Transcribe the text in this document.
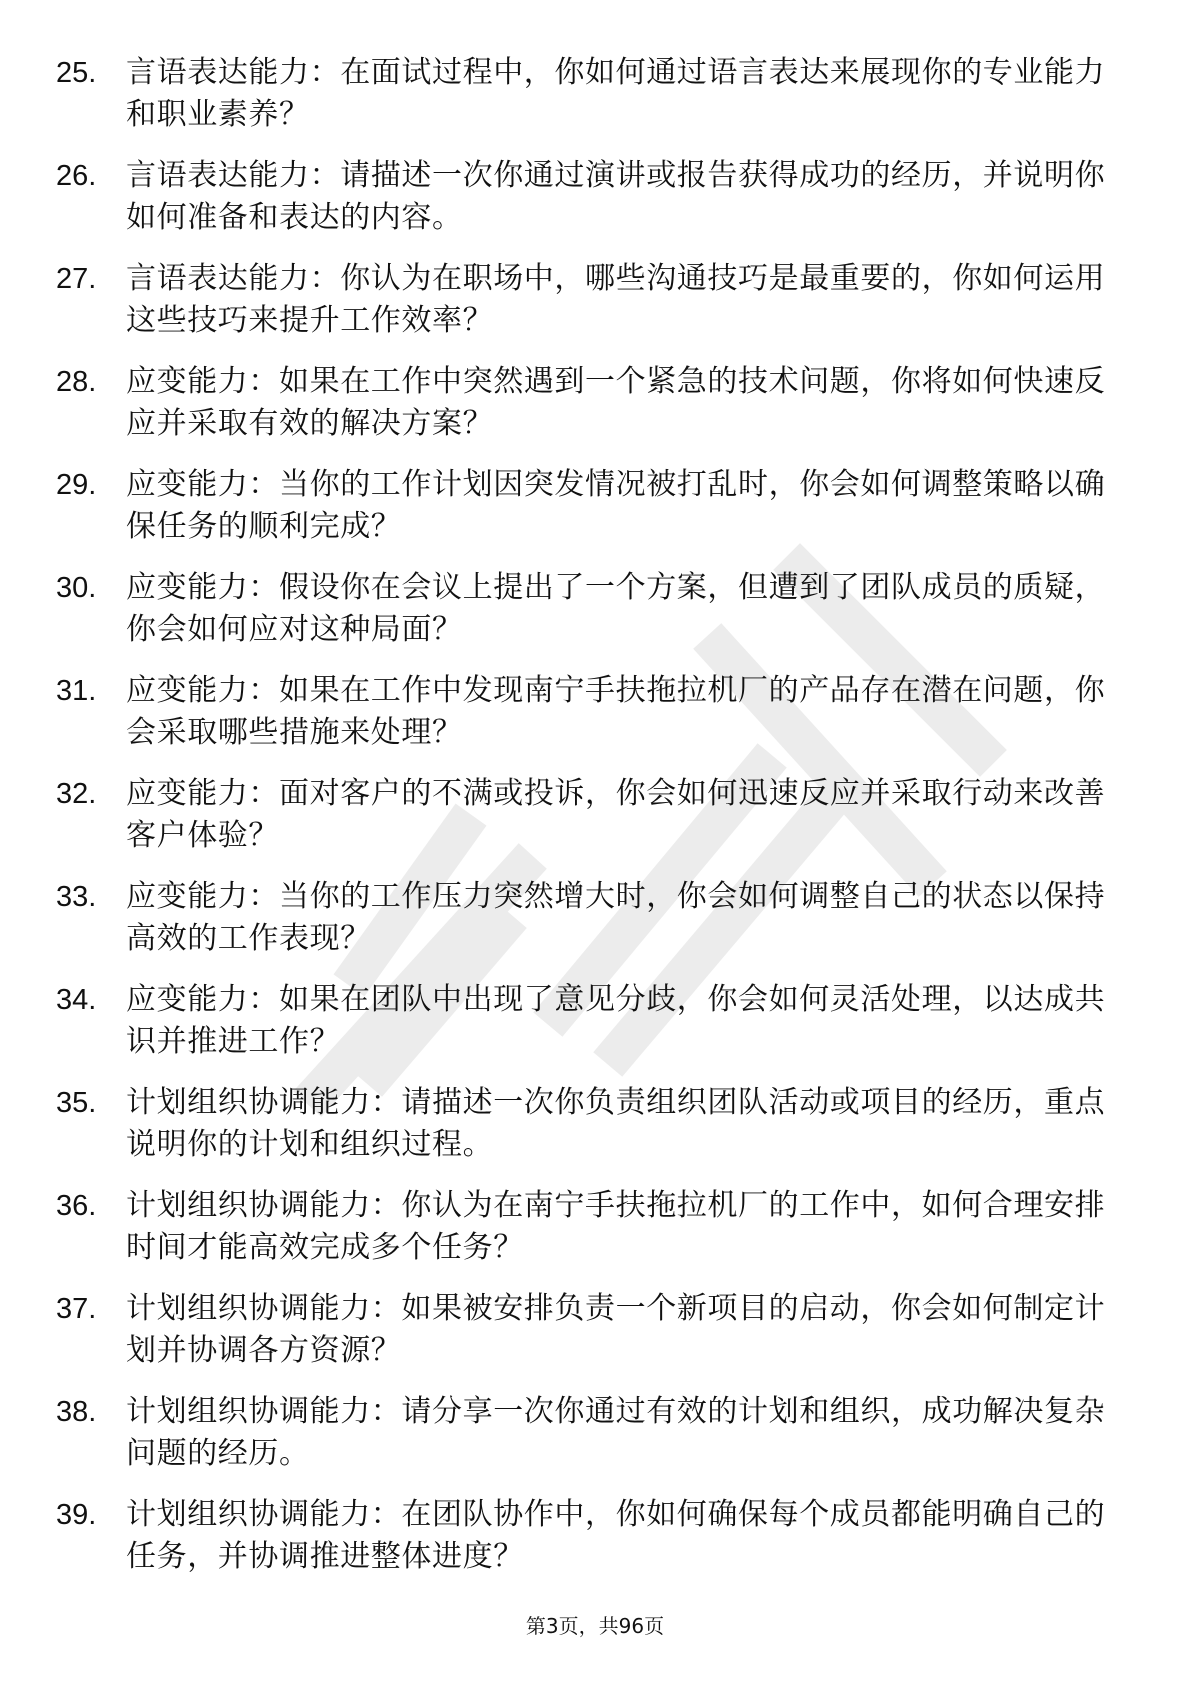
25. 言语表达能力：在面试过程中，你如何通过语言表达来展现你的专业能力和职业素养？
26. 言语表达能力：请描述一次你通过演讲或报告获得成功的经历，并说明你如何准备和表达的内容。
27. 言语表达能力：你认为在职场中，哪些沟通技巧是最重要的，你如何运用这些技巧来提升工作效率？
28. 应变能力：如果在工作中突然遇到一个紧急的技术问题，你将如何快速反应并采取有效的解决方案？
29. 应变能力：当你的工作计划因突发情况被打乱时，你会如何调整策略以确保任务的顺利完成？
30. 应变能力：假设你在会议上提出了一个方案，但遭到了团队成员的质疑，你会如何应对这种局面？
31. 应变能力：如果在工作中发现南宁手扶拖拉机厂的产品存在潜在问题，你会采取哪些措施来处理？
32. 应变能力：面对客户的不满或投诉，你会如何迅速反应并采取行动来改善客户体验？
33. 应变能力：当你的工作压力突然增大时，你会如何调整自己的状态以保持高效的工作表现？
34. 应变能力：如果在团队中出现了意见分歧，你会如何灵活处理，以达成共识并推进工作？
35. 计划组织协调能力：请描述一次你负责组织团队活动或项目的经历，重点说明你的计划和组织过程。
36. 计划组织协调能力：你认为在南宁手扶拖拉机厂的工作中，如何合理安排时间才能高效完成多个任务？
37. 计划组织协调能力：如果被安排负责一个新项目的启动，你会如何制定计划并协调各方资源？
38. 计划组织协调能力：请分享一次你通过有效的计划和组织，成功解决复杂问题的经历。
39. 计划组织协调能力：在团队协作中，你如何确保每个成员都能明确自己的任务，并协调推进整体进度？
第3页，共96页
